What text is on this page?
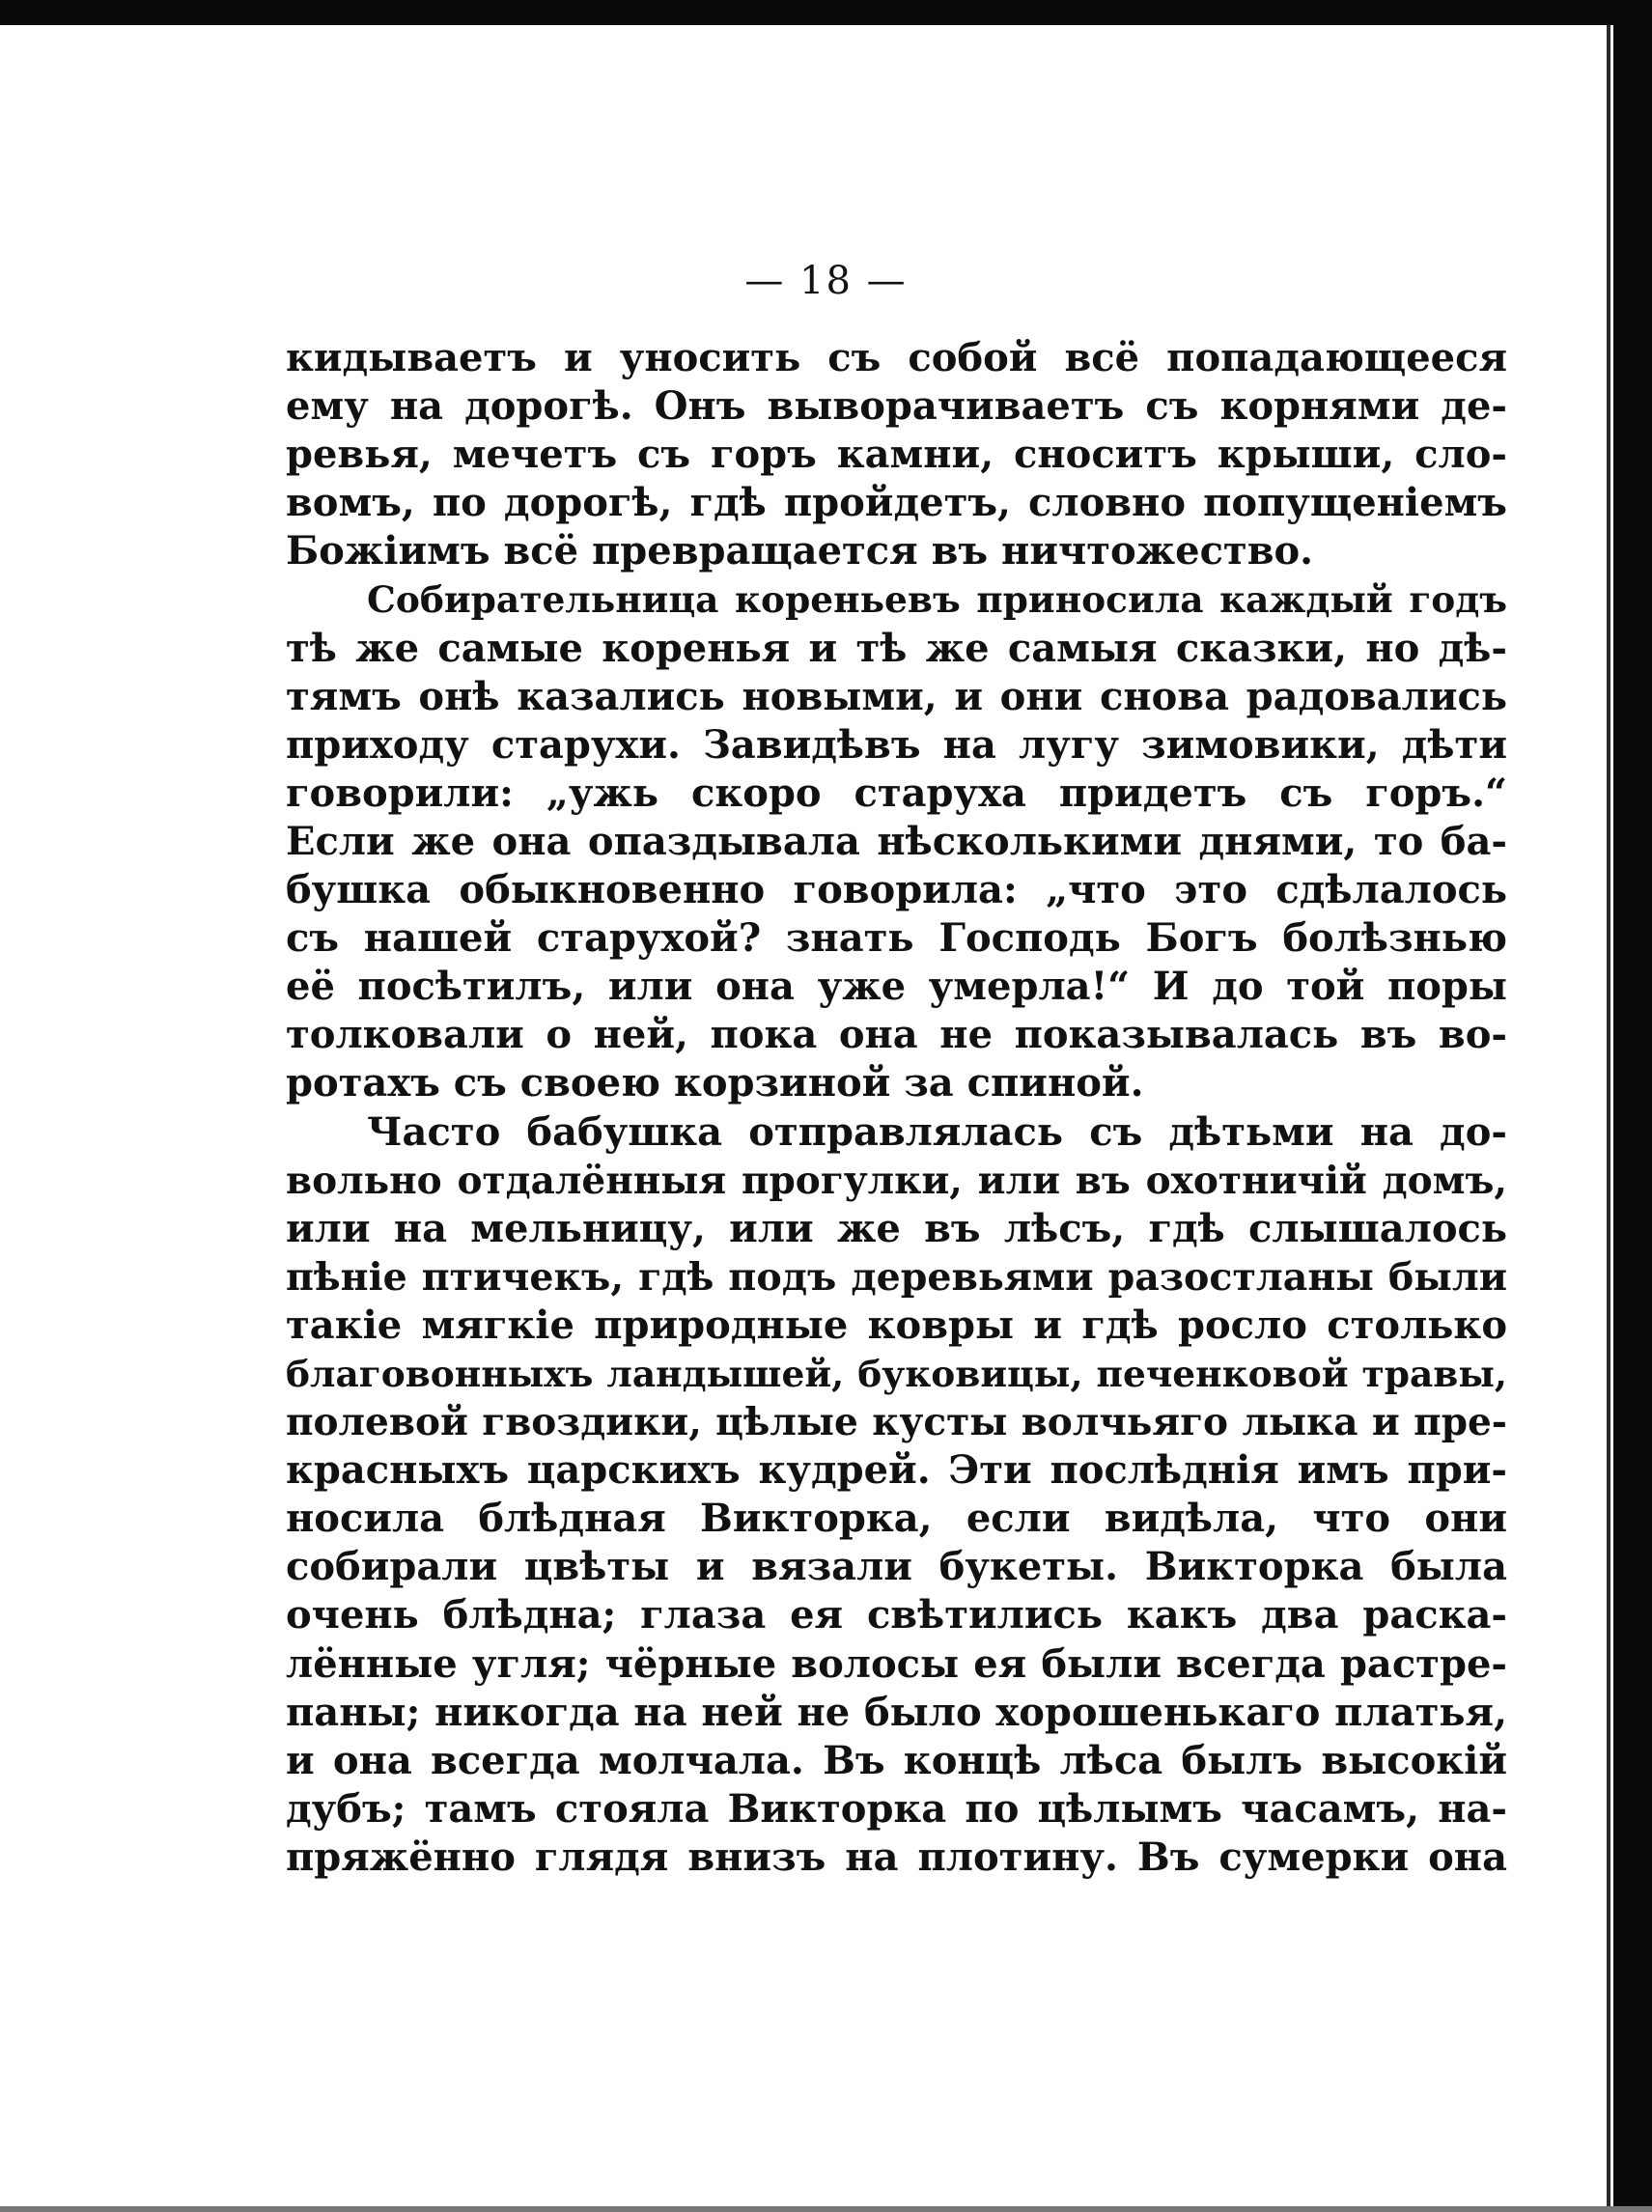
— 18 —
кидываетъ и уносить съ собой всё попадающееся
ему на дорогѣ. Онъ выворачиваетъ съ корнями де-
ревья, мечетъ съ горъ камни, сноситъ крыши, сло-
вомъ, по дорогѣ, гдѣ пройдетъ, словно попущеніемъ
Божіимъ всё превращается въ ничтожество.
Собирательница кореньевъ приносила каждый годъ
тѣ же самые коренья и тѣ же самыя сказки, но дѣ-
тямъ онѣ казались новыми, и они снова радовались
приходу старухи. Завидѣвъ на лугу зимовики, дѣти
говорили: „ужь скоро старуха придетъ съ горъ.“
Если же она опаздывала нѣсколькими днями, то ба-
бушка обыкновенно говорила: „что это сдѣлалось
съ нашей старухой? знать Господь Богъ болѣзнью
её посѣтилъ, или она уже умерла!“ И до той поры
толковали о ней, пока она не показывалась въ во-
ротахъ съ своею корзиной за спиной.
Часто бабушка отправлялась съ дѣтьми на до-
вольно отдалённыя прогулки, или въ охотничій домъ,
или на мельницу, или же въ лѣсъ, гдѣ слышалось
пѣніе птичекъ, гдѣ подъ деревьями разостланы были
такіе мягкіе природные ковры и гдѣ росло столько
благовонныхъ ландышей, буковицы, печенковой травы,
полевой гвоздики, цѣлые кусты волчьяго лыка и пре-
красныхъ царскихъ кудрей. Эти послѣднія имъ при-
носила блѣдная Викторка, если видѣла, что они
собирали цвѣты и вязали букеты. Викторка была
очень блѣдна; глаза ея свѣтились какъ два раска-
лённые угля; чёрные волосы ея были всегда растре-
паны; никогда на ней не было хорошенькаго платья,
и она всегда молчала. Въ концѣ лѣса былъ высокій
дубъ; тамъ стояла Викторка по цѣлымъ часамъ, на-
пряжённо глядя внизъ на плотину. Въ сумерки она
